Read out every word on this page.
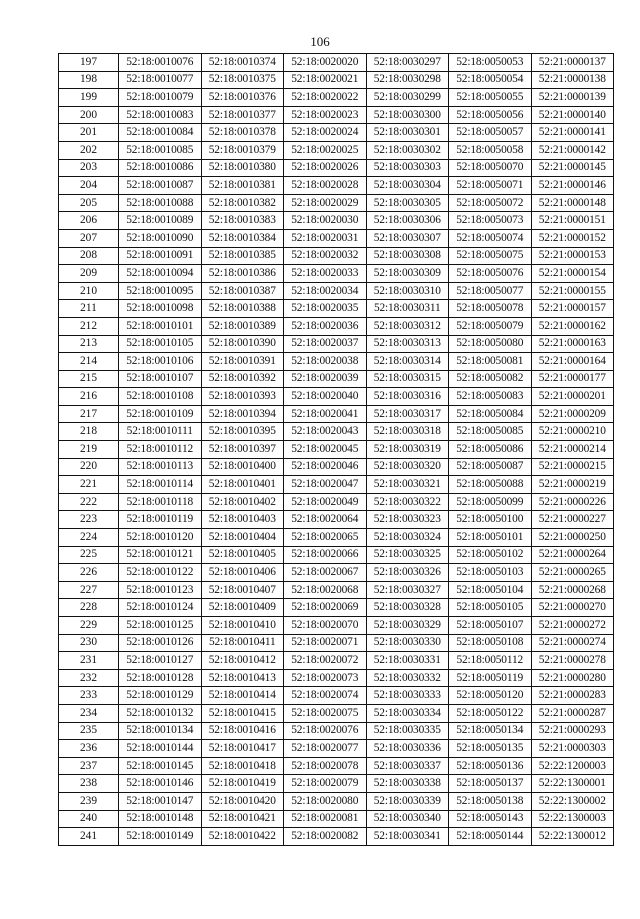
106
197	52:18:0010076	52:18:0010374	52:18:0020020	52:18:0030297	52:18:0050053	52:21:0000137
198	52:18:0010077	52:18:0010375	52:18:0020021	52:18:0030298	52:18:0050054	52:21:0000138
199	52:18:0010079	52:18:0010376	52:18:0020022	52:18:0030299	52:18:0050055	52:21:0000139
200	52:18:0010083	52:18:0010377	52:18:0020023	52:18:0030300	52:18:0050056	52:21:0000140
201	52:18:0010084	52:18:0010378	52:18:0020024	52:18:0030301	52:18:0050057	52:21:0000141
202	52:18:0010085	52:18:0010379	52:18:0020025	52:18:0030302	52:18:0050058	52:21:0000142
203	52:18:0010086	52:18:0010380	52:18:0020026	52:18:0030303	52:18:0050070	52:21:0000145
204	52:18:0010087	52:18:0010381	52:18:0020028	52:18:0030304	52:18:0050071	52:21:0000146
205	52:18:0010088	52:18:0010382	52:18:0020029	52:18:0030305	52:18:0050072	52:21:0000148
206	52:18:0010089	52:18:0010383	52:18:0020030	52:18:0030306	52:18:0050073	52:21:0000151
207	52:18:0010090	52:18:0010384	52:18:0020031	52:18:0030307	52:18:0050074	52:21:0000152
208	52:18:0010091	52:18:0010385	52:18:0020032	52:18:0030308	52:18:0050075	52:21:0000153
209	52:18:0010094	52:18:0010386	52:18:0020033	52:18:0030309	52:18:0050076	52:21:0000154
210	52:18:0010095	52:18:0010387	52:18:0020034	52:18:0030310	52:18:0050077	52:21:0000155
211	52:18:0010098	52:18:0010388	52:18:0020035	52:18:0030311	52:18:0050078	52:21:0000157
212	52:18:0010101	52:18:0010389	52:18:0020036	52:18:0030312	52:18:0050079	52:21:0000162
213	52:18:0010105	52:18:0010390	52:18:0020037	52:18:0030313	52:18:0050080	52:21:0000163
214	52:18:0010106	52:18:0010391	52:18:0020038	52:18:0030314	52:18:0050081	52:21:0000164
215	52:18:0010107	52:18:0010392	52:18:0020039	52:18:0030315	52:18:0050082	52:21:0000177
216	52:18:0010108	52:18:0010393	52:18:0020040	52:18:0030316	52:18:0050083	52:21:0000201
217	52:18:0010109	52:18:0010394	52:18:0020041	52:18:0030317	52:18:0050084	52:21:0000209
218	52:18:0010111	52:18:0010395	52:18:0020043	52:18:0030318	52:18:0050085	52:21:0000210
219	52:18:0010112	52:18:0010397	52:18:0020045	52:18:0030319	52:18:0050086	52:21:0000214
220	52:18:0010113	52:18:0010400	52:18:0020046	52:18:0030320	52:18:0050087	52:21:0000215
221	52:18:0010114	52:18:0010401	52:18:0020047	52:18:0030321	52:18:0050088	52:21:0000219
222	52:18:0010118	52:18:0010402	52:18:0020049	52:18:0030322	52:18:0050099	52:21:0000226
223	52:18:0010119	52:18:0010403	52:18:0020064	52:18:0030323	52:18:0050100	52:21:0000227
224	52:18:0010120	52:18:0010404	52:18:0020065	52:18:0030324	52:18:0050101	52:21:0000250
225	52:18:0010121	52:18:0010405	52:18:0020066	52:18:0030325	52:18:0050102	52:21:0000264
226	52:18:0010122	52:18:0010406	52:18:0020067	52:18:0030326	52:18:0050103	52:21:0000265
227	52:18:0010123	52:18:0010407	52:18:0020068	52:18:0030327	52:18:0050104	52:21:0000268
228	52:18:0010124	52:18:0010409	52:18:0020069	52:18:0030328	52:18:0050105	52:21:0000270
229	52:18:0010125	52:18:0010410	52:18:0020070	52:18:0030329	52:18:0050107	52:21:0000272
230	52:18:0010126	52:18:0010411	52:18:0020071	52:18:0030330	52:18:0050108	52:21:0000274
231	52:18:0010127	52:18:0010412	52:18:0020072	52:18:0030331	52:18:0050112	52:21:0000278
232	52:18:0010128	52:18:0010413	52:18:0020073	52:18:0030332	52:18:0050119	52:21:0000280
233	52:18:0010129	52:18:0010414	52:18:0020074	52:18:0030333	52:18:0050120	52:21:0000283
234	52:18:0010132	52:18:0010415	52:18:0020075	52:18:0030334	52:18:0050122	52:21:0000287
235	52:18:0010134	52:18:0010416	52:18:0020076	52:18:0030335	52:18:0050134	52:21:0000293
236	52:18:0010144	52:18:0010417	52:18:0020077	52:18:0030336	52:18:0050135	52:21:0000303
237	52:18:0010145	52:18:0010418	52:18:0020078	52:18:0030337	52:18:0050136	52:22:1200003
238	52:18:0010146	52:18:0010419	52:18:0020079	52:18:0030338	52:18:0050137	52:22:1300001
239	52:18:0010147	52:18:0010420	52:18:0020080	52:18:0030339	52:18:0050138	52:22:1300002
240	52:18:0010148	52:18:0010421	52:18:0020081	52:18:0030340	52:18:0050143	52:22:1300003
241	52:18:0010149	52:18:0010422	52:18:0020082	52:18:0030341	52:18:0050144	52:22:1300012
